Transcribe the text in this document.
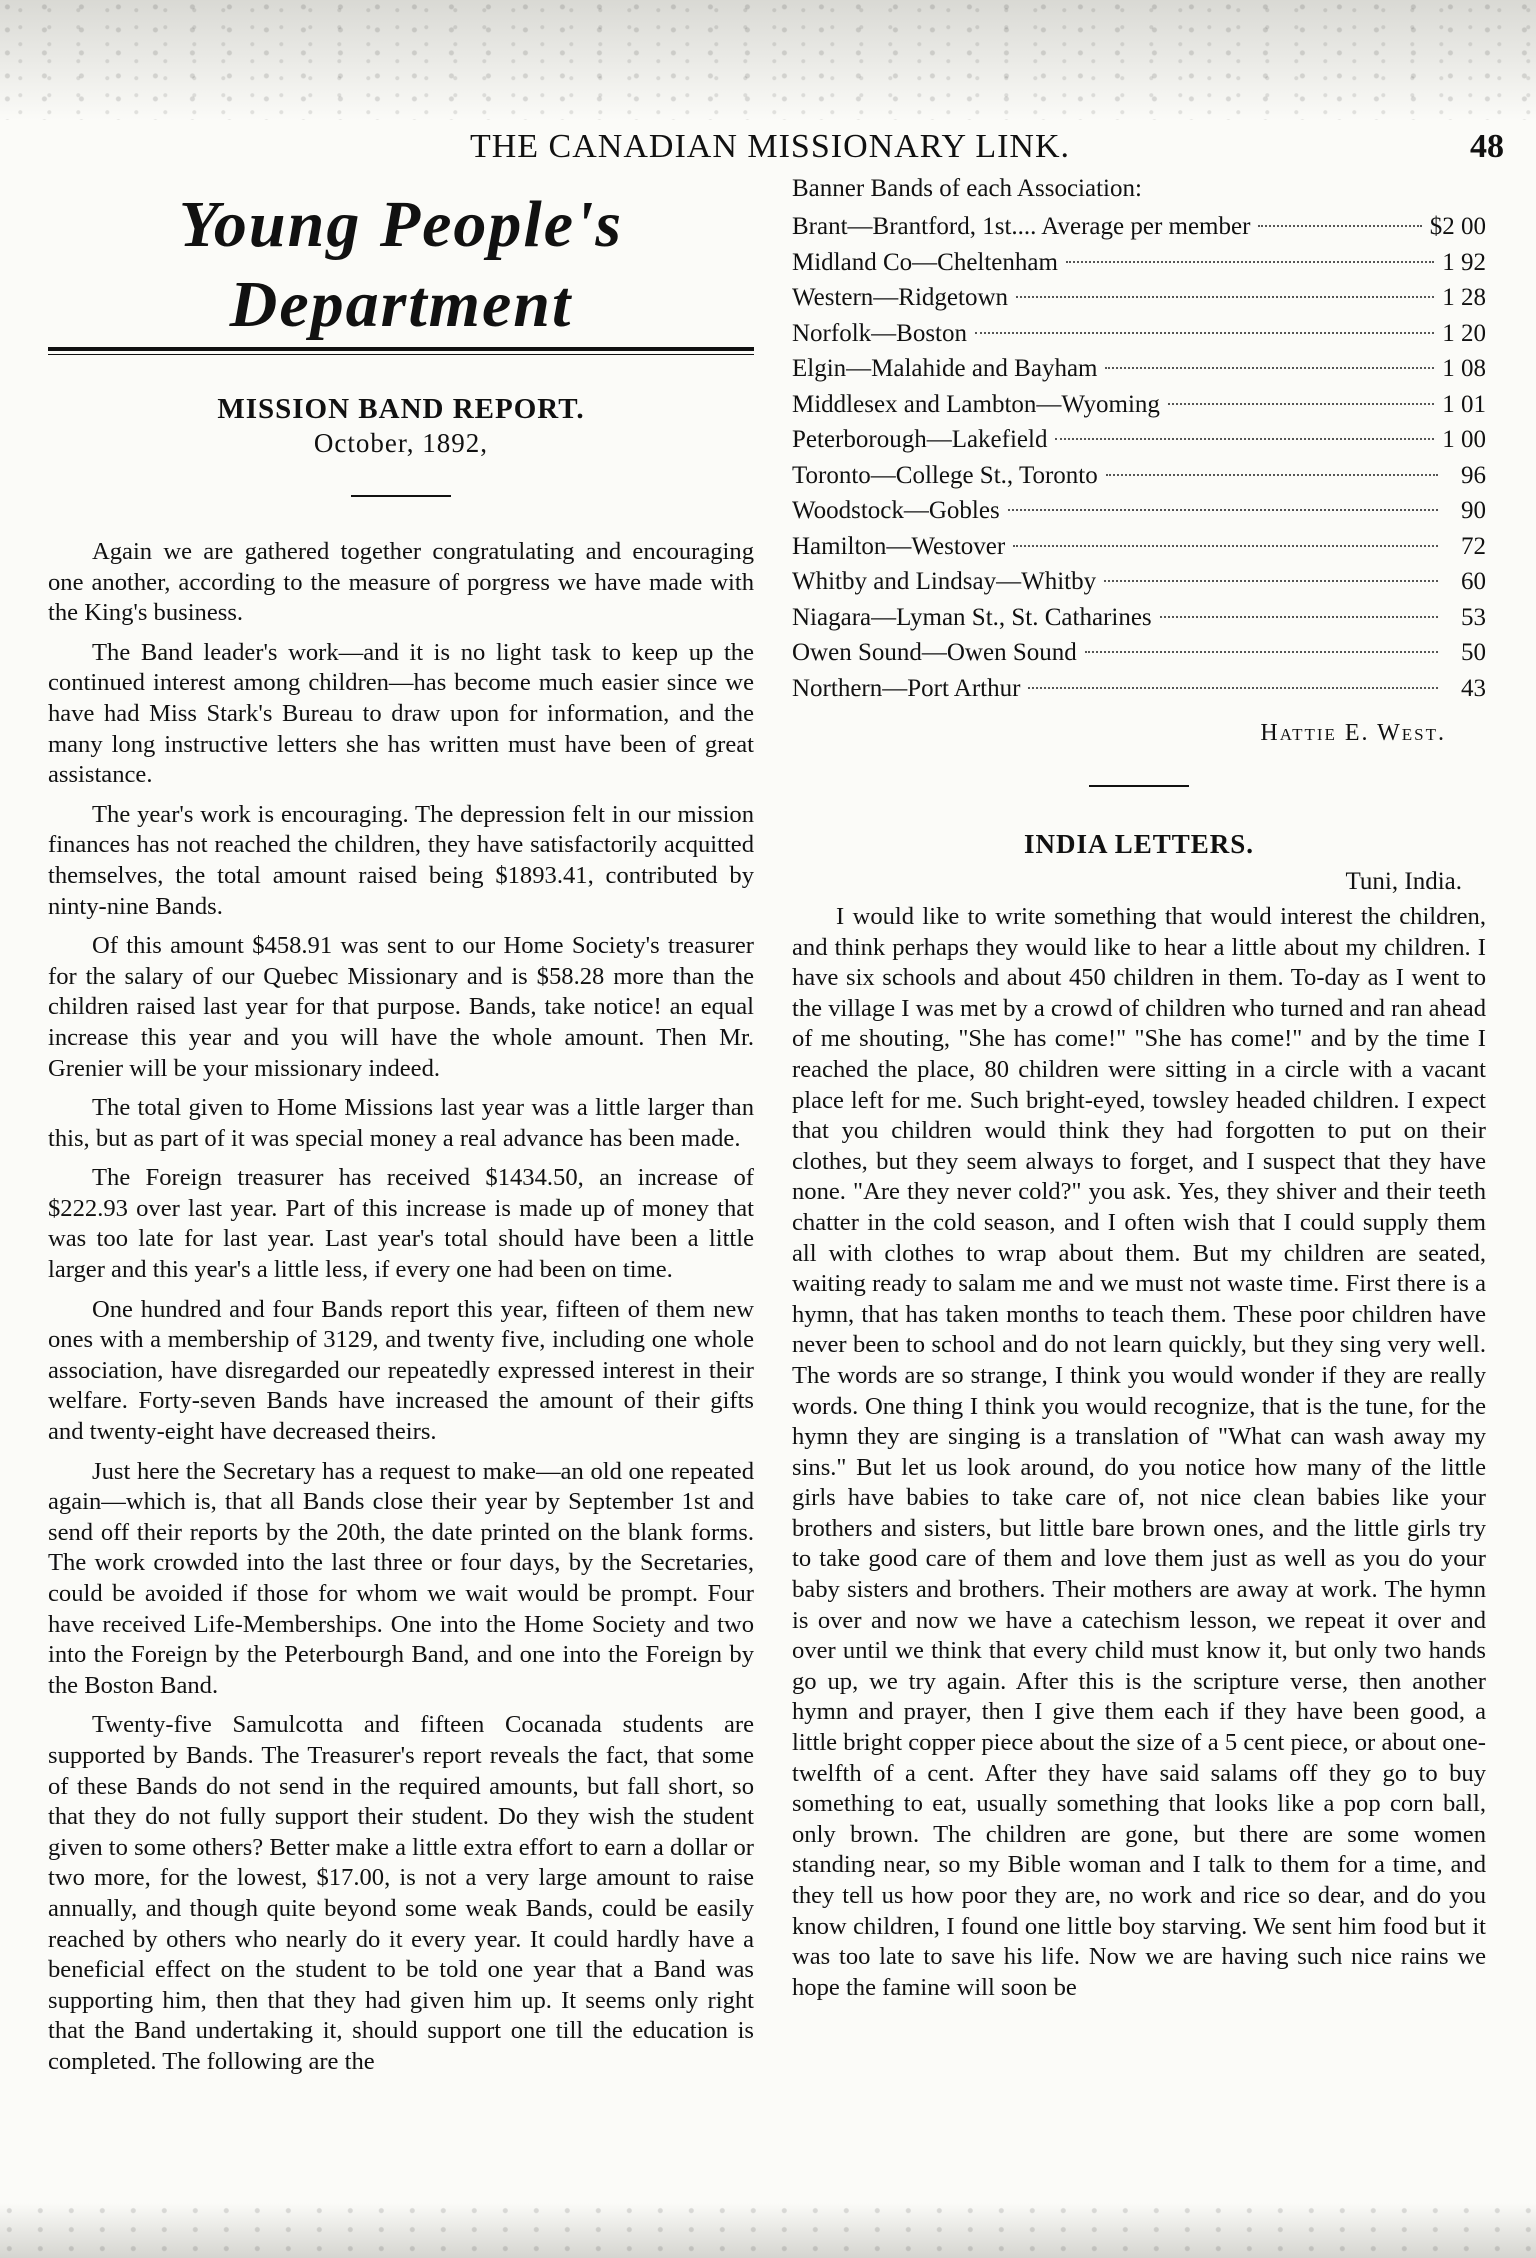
THE CANADIAN MISSIONARY LINK.	48
Young People's Department
MISSION BAND REPORT.
October, 1892,

Again we are gathered together congratulating and encouraging one another, according to the measure of porgress we have made with the King's business.

The Band leader's work—and it is no light task to keep up the continued interest among children—has become much easier since we have had Miss Stark's Bureau to draw upon for information, and the many long instructive letters she has written must have been of great assistance.

The year's work is encouraging. The depression felt in our mission finances has not reached the children, they have satisfactorily acquitted themselves, the total amount raised being $1893.41, contributed by ninty-nine Bands.

Of this amount $458.91 was sent to our Home Society's treasurer for the salary of our Quebec Missionary and is $58.28 more than the children raised last year for that purpose. Bands, take notice! an equal increase this year and you will have the whole amount. Then Mr. Grenier will be your missionary indeed.

The total given to Home Missions last year was a little larger than this, but as part of it was special money a real advance has been made.

The Foreign treasurer has received $1434.50, an increase of $222.93 over last year. Part of this increase is made up of money that was too late for last year. Last year's total should have been a little larger and this year's a little less, if every one had been on time.

One hundred and four Bands report this year, fifteen of them new ones with a membership of 3129, and twenty five, including one whole association, have disregarded our repeatedly expressed interest in their welfare. Forty-seven Bands have increased the amount of their gifts and twenty-eight have decreased theirs.

Just here the Secretary has a request to make—an old one repeated again—which is, that all Bands close their year by September 1st and send off their reports by the 20th, the date printed on the blank forms. The work crowded into the last three or four days, by the Secretaries, could be avoided if those for whom we wait would be prompt. Four have received Life-Memberships. One into the Home Society and two into the Foreign by the Peterbourgh Band, and one into the Foreign by the Boston Band.

Twenty-five Samulcotta and fifteen Cocanada students are supported by Bands. The Treasurer's report reveals the fact, that some of these Bands do not send in the required amounts, but fall short, so that they do not fully support their student. Do they wish the student given to some others? Better make a little extra effort to earn a dollar or two more, for the lowest, $17.00, is not a very large amount to raise annually, and though quite beyond some weak Bands, could be easily reached by others who nearly do it every year. It could hardly have a beneficial effect on the student to be told one year that a Band was supporting him, then that they had given him up. It seems only right that the Band undertaking it, should support one till the education is completed. The following are the

Banner Bands of each Association:
Brant—Brantford, 1st.... Average per member	$2 00
Midland Co—Cheltenham	1 92
Western—Ridgetown	1 28
Norfolk—Boston	1 20
Elgin—Malahide and Bayham	1 08
Middlesex and Lambton—Wyoming	1 01
Peterborough—Lakefield	1 00
Toronto—College St., Toronto	96
Woodstock—Gobles	90
Hamilton—Westover	72
Whitby and Lindsay—Whitby	60
Niagara—Lyman St., St. Catharines	53
Owen Sound—Owen Sound	50
Northern—Port Arthur	43
Hattie E. West.
INDIA LETTERS.
Tuni, India.

I would like to write something that would interest the children, and think perhaps they would like to hear a little about my children. I have six schools and about 450 children in them. To-day as I went to the village I was met by a crowd of children who turned and ran ahead of me shouting, "She has come!" "She has come!" and by the time I reached the place, 80 children were sitting in a circle with a vacant place left for me. Such bright-eyed, towsley headed children. I expect that you children would think they had forgotten to put on their clothes, but they seem always to forget, and I suspect that they have none. "Are they never cold?" you ask. Yes, they shiver and their teeth chatter in the cold season, and I often wish that I could supply them all with clothes to wrap about them. But my children are seated, waiting ready to salam me and we must not waste time. First there is a hymn, that has taken months to teach them. These poor children have never been to school and do not learn quickly, but they sing very well. The words are so strange, I think you would wonder if they are really words. One thing I think you would recognize, that is the tune, for the hymn they are singing is a translation of "What can wash away my sins." But let us look around, do you notice how many of the little girls have babies to take care of, not nice clean babies like your brothers and sisters, but little bare brown ones, and the little girls try to take good care of them and love them just as well as you do your baby sisters and brothers. Their mothers are away at work. The hymn is over and now we have a catechism lesson, we repeat it over and over until we think that every child must know it, but only two hands go up, we try again. After this is the scripture verse, then another hymn and prayer, then I give them each if they have been good, a little bright copper piece about the size of a 5 cent piece, or about one-twelfth of a cent. After they have said salams off they go to buy something to eat, usually something that looks like a pop corn ball, only brown. The children are gone, but there are some women standing near, so my Bible woman and I talk to them for a time, and they tell us how poor they are, no work and rice so dear, and do you know children, I found one little boy starving. We sent him food but it was too late to save his life. Now we are having such nice rains we hope the famine will soon be
